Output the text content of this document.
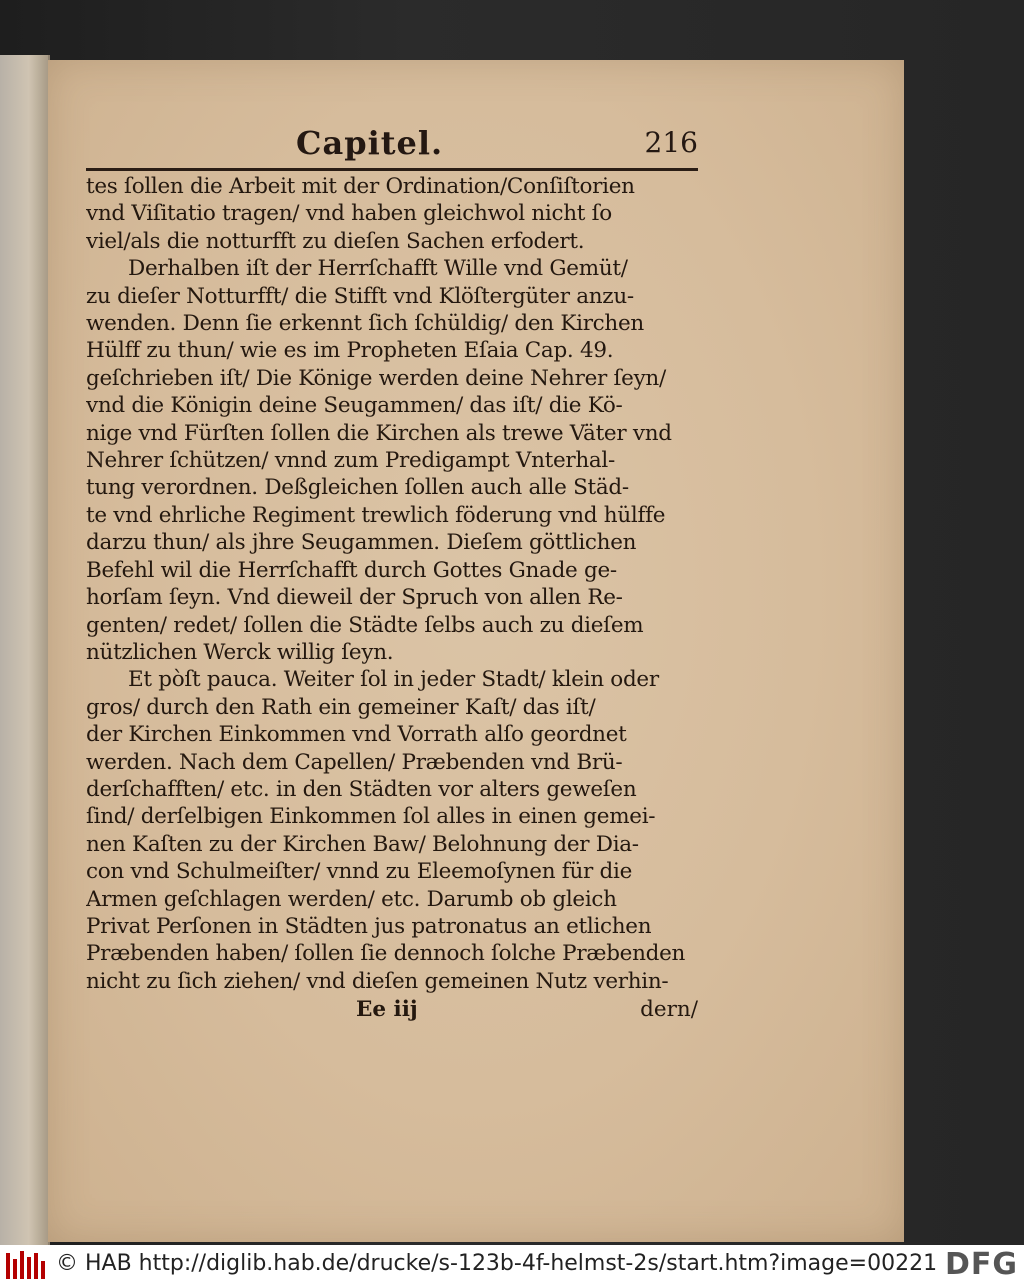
Capitel.	216
tes ſollen die Arbeit mit der Ordination/Conſiſtorien
vnd Viſitatio tragen/ vnd haben gleichwol nicht ſo
viel/als die notturfft zu dieſen Sachen erfodert.
Derhalben iſt der Herrſchafft Wille vnd Gemüt/
zu dieſer Notturfft/ die Stifft vnd Klöſtergüter anzu-
wenden. Denn ſie erkennt ſich ſchüldig/ den Kirchen
Hülff zu thun/ wie es im Propheten Eſaia Cap. 49.
geſchrieben iſt/ Die Könige werden deine Nehrer ſeyn/
vnd die Königin deine Seugammen/ das iſt/ die Kö-
nige vnd Fürſten ſollen die Kirchen als trewe Väter vnd
Nehrer ſchützen/ vnnd zum Predigampt Vnterhal-
tung verordnen. Deßgleichen ſollen auch alle Städ-
te vnd ehrliche Regiment trewlich föderung vnd hülffe
darzu thun/ als jhre Seugammen. Dieſem göttlichen
Befehl wil die Herrſchafft durch Gottes Gnade ge-
horſam ſeyn. Vnd dieweil der Spruch von allen Re-
genten/ redet/ ſollen die Städte ſelbs auch zu dieſem
nützlichen Werck willig ſeyn.
Et pòſt pauca. Weiter ſol in jeder Stadt/ klein oder
gros/ durch den Rath ein gemeiner Kaſt/ das iſt/
der Kirchen Einkommen vnd Vorrath alſo geordnet
werden. Nach dem Capellen/ Præbenden vnd Brü-
derſchafften/ etc. in den Städten vor alters geweſen
ſind/ derſelbigen Einkommen ſol alles in einen gemei-
nen Kaſten zu der Kirchen Baw/ Belohnung der Dia-
con vnd Schulmeiſter/ vnnd zu Eleemoſynen für die
Armen geſchlagen werden/ etc. Darumb ob gleich
Privat Perſonen in Städten jus patronatus an etlichen
Præbenden haben/ ſollen ſie dennoch ſolche Præbenden
nicht zu ſich ziehen/ vnd dieſen gemeinen Nutz verhin-
Ee iij	dern/
© HAB http://diglib.hab.de/drucke/s-123b-4f-helmst-2s/start.htm?image=00221 DFG
